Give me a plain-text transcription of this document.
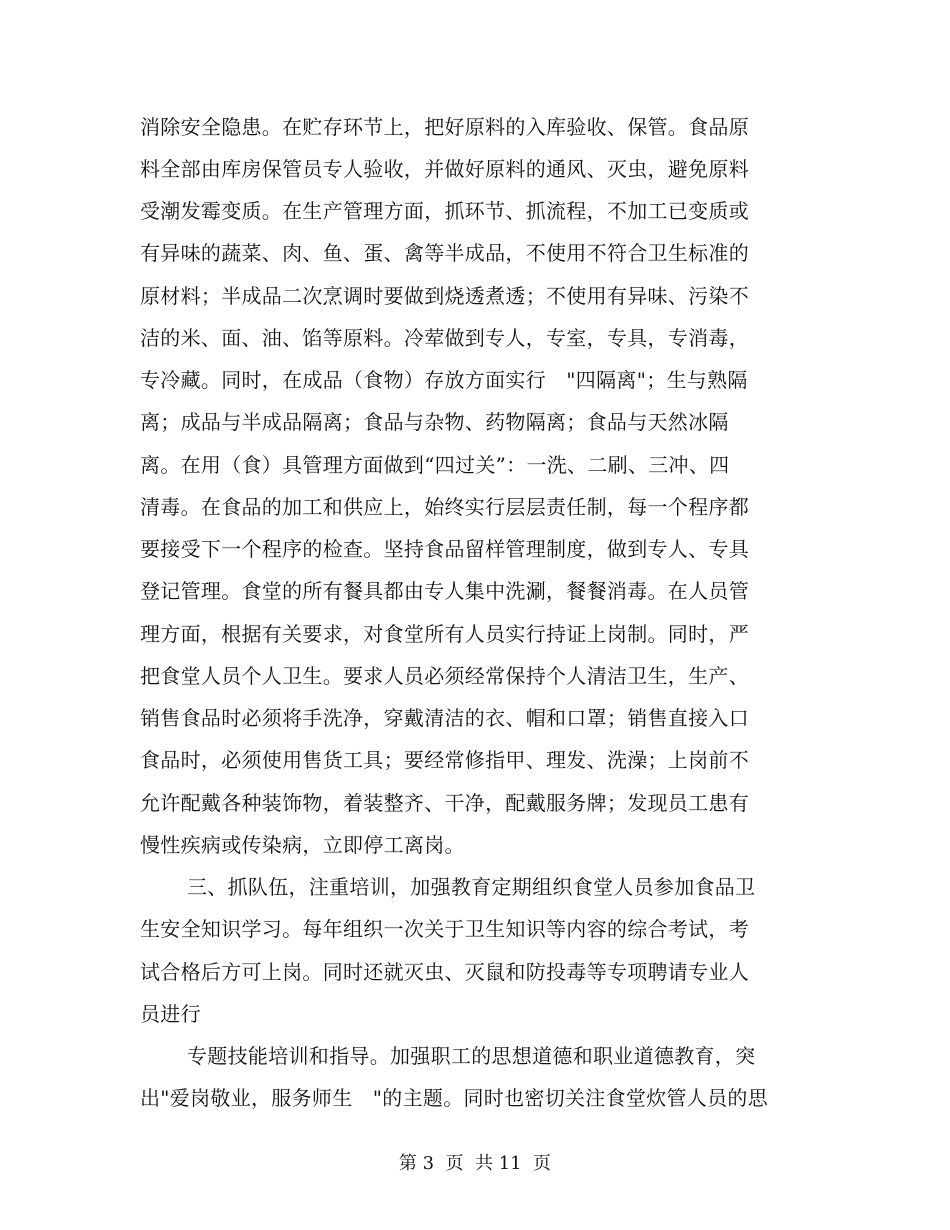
消除安全隐患。在贮存环节上，把好原料的入库验收、保管。食品原
料全部由库房保管员专人验收，并做好原料的通风、灭虫，避免原料
受潮发霉变质。在生产管理方面，抓环节、抓流程，不加工已变质或
有异味的蔬菜、肉、鱼、蛋、禽等半成品，不使用不符合卫生标准的
原材料；半成品二次烹调时要做到烧透煮透；不使用有异味、污染不
洁的米、面、油、馅等原料。冷荤做到专人，专室，专具，专消毒，
专冷藏。同时，在成品（食物）存放方面实行　"四隔离"；生与熟隔
离；成品与半成品隔离；食品与杂物、药物隔离；食品与天然冰隔
离。在用（食）具管理方面做到“四过关”：一洗、二刷、三冲、四
清毒。在食品的加工和供应上，始终实行层层责任制，每一个程序都
要接受下一个程序的检查。坚持食品留样管理制度，做到专人、专具
登记管理。食堂的所有餐具都由专人集中洗涮，餐餐消毒。在人员管
理方面，根据有关要求，对食堂所有人员实行持证上岗制。同时，严
把食堂人员个人卫生。要求人员必须经常保持个人清洁卫生，生产、
销售食品时必须将手洗净，穿戴清洁的衣、帽和口罩；销售直接入口
食品时，必须使用售货工具；要经常修指甲、理发、洗澡；上岗前不
允许配戴各种装饰物，着装整齐、干净，配戴服务牌；发现员工患有
慢性疾病或传染病，立即停工离岗。
三、抓队伍，注重培训，加强教育定期组织食堂人员参加食品卫
生安全知识学习。每年组织一次关于卫生知识等内容的综合考试，考
试合格后方可上岗。同时还就灭虫、灭鼠和防投毒等专项聘请专业人
员进行
专题技能培训和指导。加强职工的思想道德和职业道德教育，突
出"爱岗敬业，服务师生　"的主题。同时也密切关注食堂炊管人员的思
第 3  页  共 11  页
